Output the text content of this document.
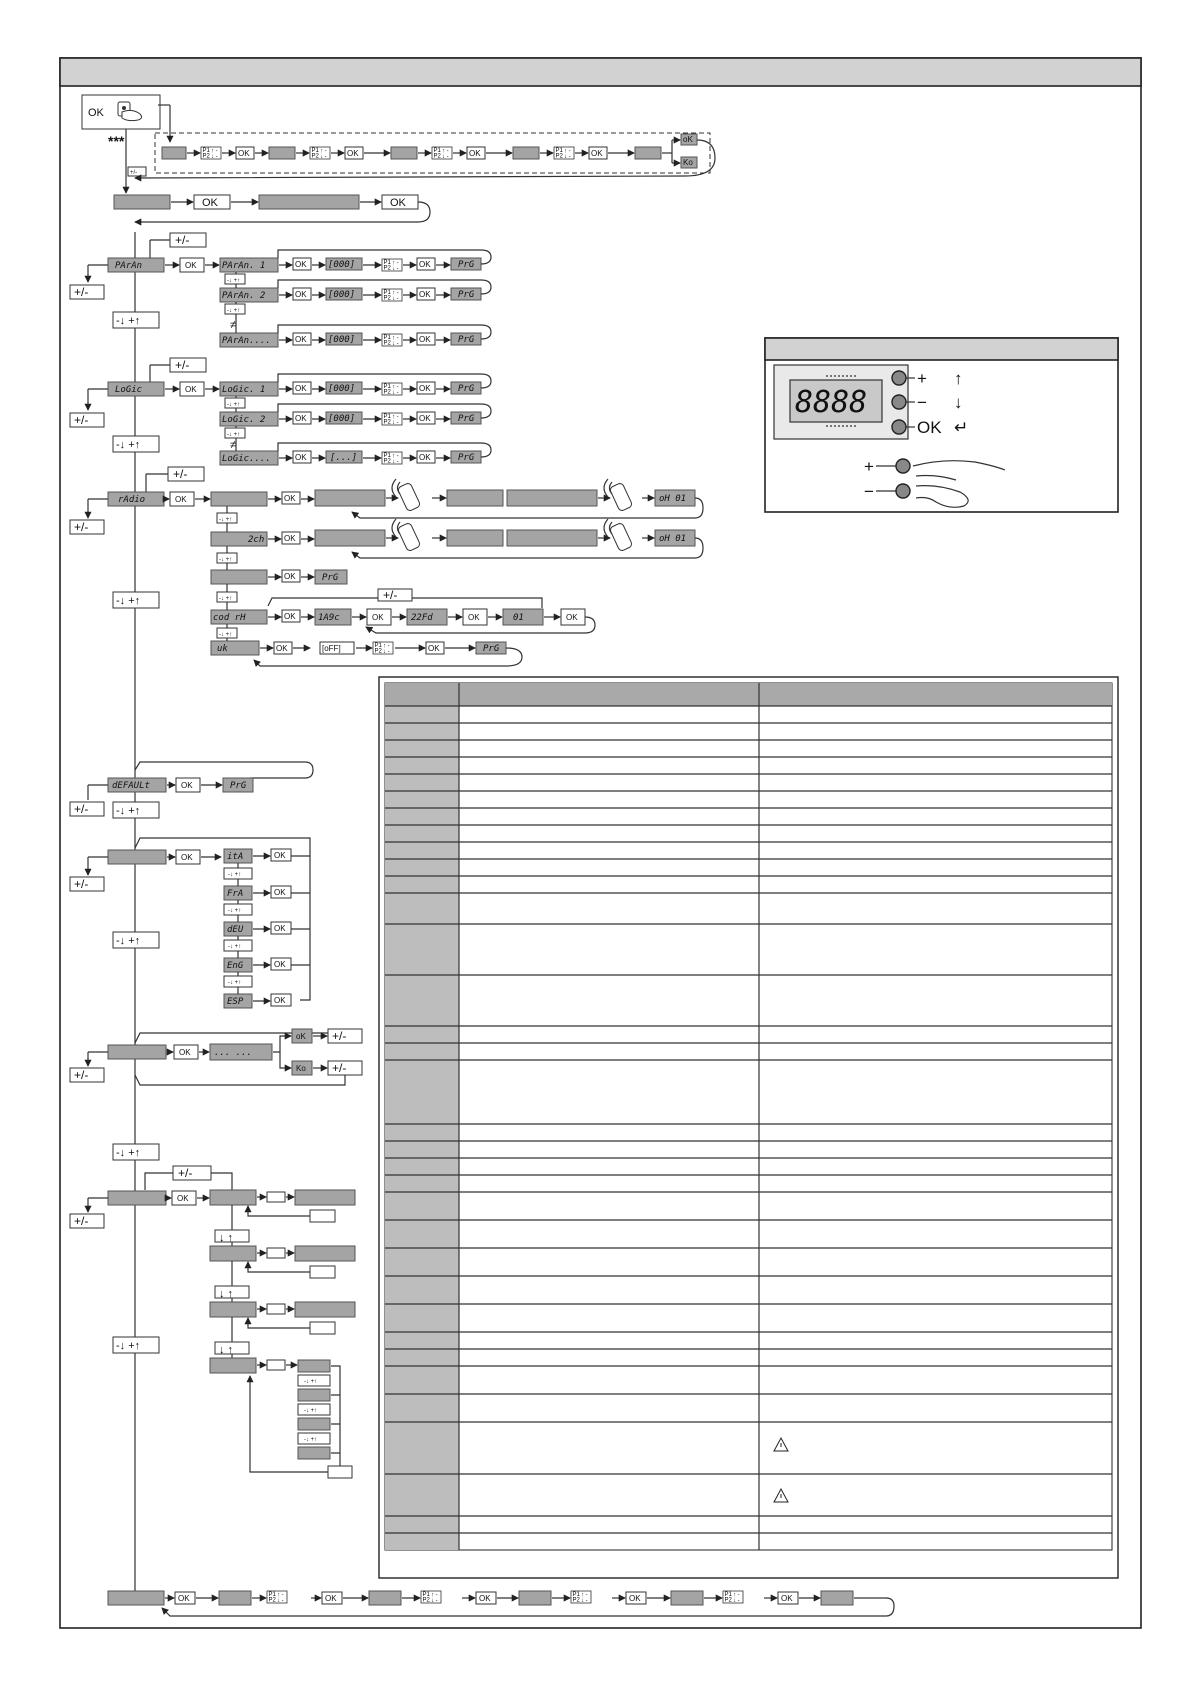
P1
P2
↑ -
↓ -
OK
***
+/-
OK	OK	OK	OK
oK
Ko
OK	OK
+/-
PArAn	OK
+/-
-↓ +↑
PArAn. 1
PArAn. 2
PArAn....
-↓ +↑
-↓ +↑
≠
OK [000]	OK	PrG
OK [000]	OK	PrG
OK [000]	OK	PrG
+/-
LoGic	OK
+/-
-↓ +↑
LoGic. 1
LoGic. 2
LoGic....
-↓ +↑
-↓ +↑
≠
OK [000]	OK	PrG
OK [000]	OK	PrG
OK	[...]	OK	PrG
+/-
rAdio	OK
+/-
-↓ +↑
2ch
cod rH
uk
-↓ +↑
-↓ +↑
-↓ +↑
-↓ +↑
OK	oH 01
OK	oH 01
OK	PrG
+/-
OK 1A9c	OK	22Fd	OK	01	OK
OK	[oFF]	OK	PrG
8888
+ ↑
− ↓
OK ↵
+
−
dEFAULt	OK	PrG
+/-	-↓ +↑
OK
+/-
-↓ +↑
itA
FrA
dEU
EnG
ESP
-↓ +↑
-↓ +↑
-↓ +↑
-↓ +↑
OK
OK
OK
OK
OK
OK	... ...
oK
Ko
+/-
+/-
+/-
-↓ +↑
+/-
OK
+/-
-↓ +↑
↓ ↑
↓ ↑
↓ ↑
-↓ +↑
-↓ +↑
-↓ +↑
OK	OK	OK	OK	OK
